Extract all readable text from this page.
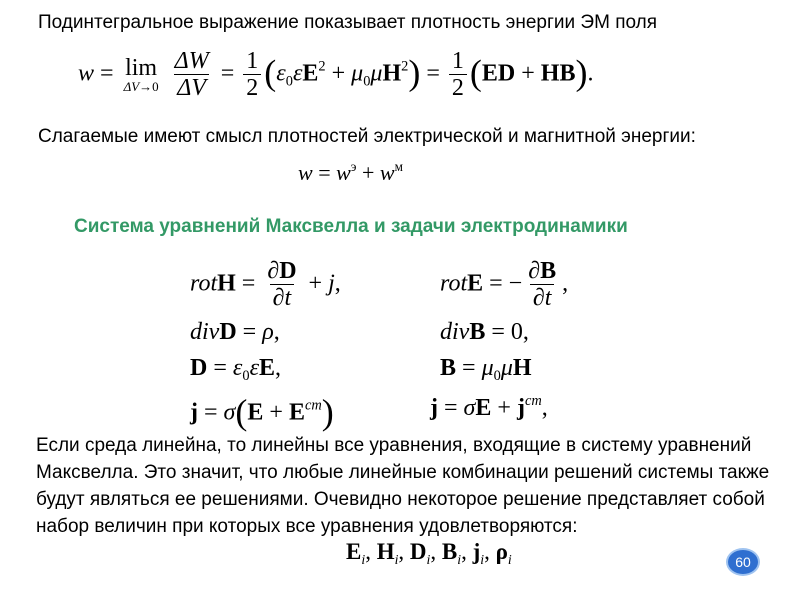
Подинтегральное выражение показывает плотность энергии ЭМ поля
w = lim
ΔV→0
$\frac{\Delta W}{\Delta V} = \frac{1}{2} (\varepsilon_0\varepsilon E^2 + \mu_0\mu H^2) = \frac{1}{2} (ED + HB)$.
Слагаемые имеют смысл плотностей электрической и магнитной энергии:
$w = w^э + w^м$
Система уравнений Максвелла и задачи электродинамики
rotH = $\frac{\partial D}{\partial t} + j$,	rotE = − $\frac{\partial B}{\partial t}$ ,
divD = ρ,	divB = 0,
$D = \varepsilon_0\varepsilon E$,	$B = \mu_0\mu H$
$j = \sigma(E + E^{cm})$	$j = \sigma E + j^{cm}$,
Если среда линейна, то линейны все уравнения, входящие в систему уравнений Максвелла. Это значит, что любые линейные комбинации решений системы также будут являться ее решениями. Очевидно некоторое решение представляет собой набор величин при которых все уравнения удовлетворяются:
$E_i$, $H_i$, $D_i$, $B_i$, $j_i$, $\rho_i$	60
